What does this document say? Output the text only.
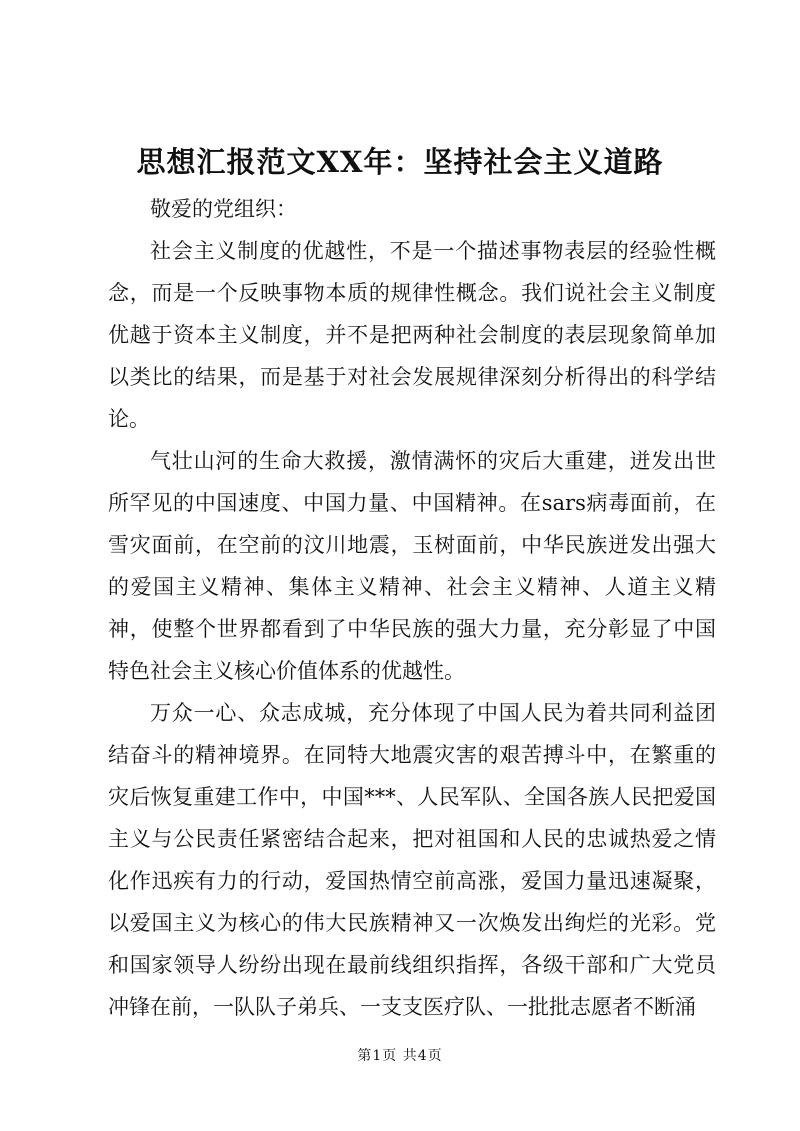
思想汇报范文XX年：坚持社会主义道路

敬爱的党组织：

社会主义制度的优越性，不是一个描述事物表层的经验性概念，而是一个反映事物本质的规律性概念。我们说社会主义制度优越于资本主义制度，并不是把两种社会制度的表层现象简单加以类比的结果，而是基于对社会发展规律深刻分析得出的科学结论。

气壮山河的生命大救援，激情满怀的灾后大重建，迸发出世所罕见的中国速度、中国力量、中国精神。在sars病毒面前，在雪灾面前，在空前的汶川地震，玉树面前，中华民族迸发出强大的爱国主义精神、集体主义精神、社会主义精神、人道主义精神，使整个世界都看到了中华民族的强大力量，充分彰显了中国特色社会主义核心价值体系的优越性。

万众一心、众志成城，充分体现了中国人民为着共同利益团结奋斗的精神境界。在同特大地震灾害的艰苦搏斗中，在繁重的灾后恢复重建工作中，中国***、人民军队、全国各族人民把爱国主义与公民责任紧密结合起来，把对祖国和人民的忠诚热爱之情化作迅疾有力的行动，爱国热情空前高涨，爱国力量迅速凝聚，以爱国主义为核心的伟大民族精神又一次焕发出绚烂的光彩。党和国家领导人纷纷出现在最前线组织指挥，各级干部和广大党员冲锋在前，一队队子弟兵、一支支医疗队、一批批志愿者不断涌

第1页 共4页
